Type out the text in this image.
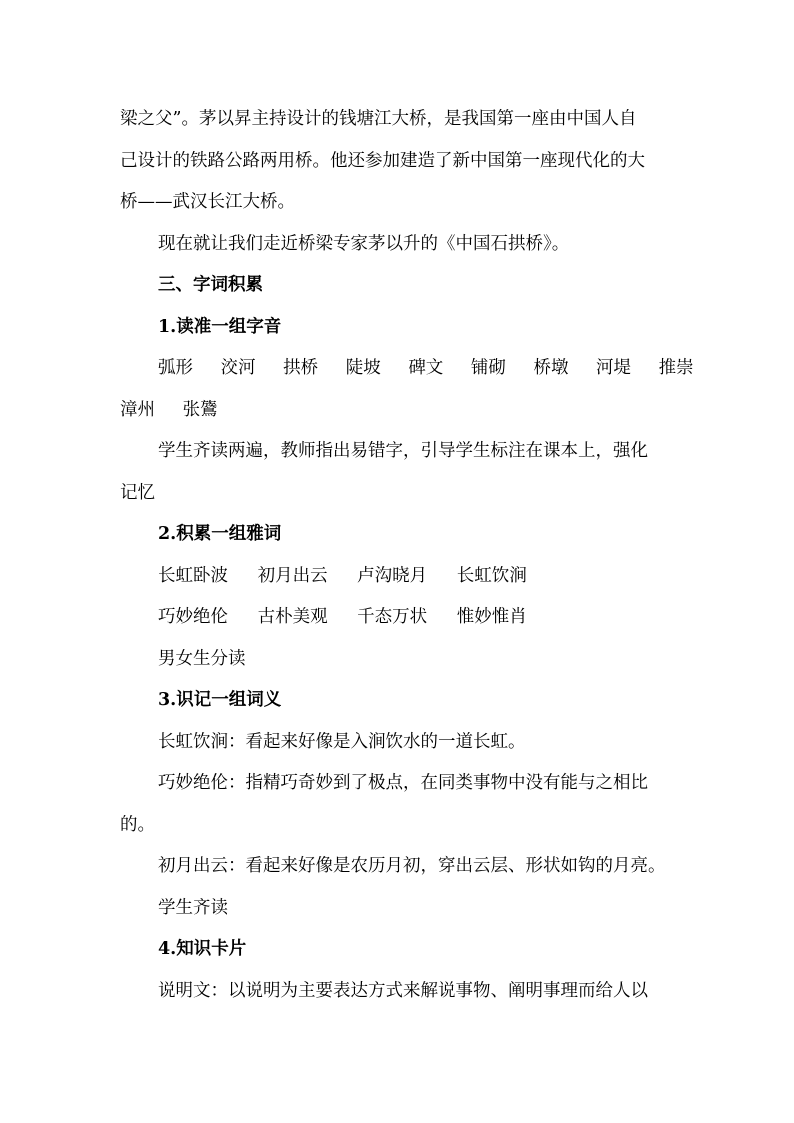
梁之父”。茅以昇主持设计的钱塘江大桥，是我国第一座由中国人自
己设计的铁路公路两用桥。他还参加建造了新中国第一座现代化的大
桥——武汉长江大桥。
现在就让我们走近桥梁专家茅以升的《中国石拱桥》。
三、字词积累
1.读准一组字音
弧形 洨河 拱桥 陡坡 碑文 铺砌 桥墩 河堤 推崇
漳州 张鷟
学生齐读两遍，教师指出易错字，引导学生标注在课本上，强化
记忆
2.积累一组雅词
长虹卧波 初月出云 卢沟晓月 长虹饮涧
巧妙绝伦 古朴美观 千态万状 惟妙惟肖
男女生分读
3.识记一组词义
长虹饮涧：看起来好像是入涧饮水的一道长虹。
巧妙绝伦：指精巧奇妙到了极点，在同类事物中没有能与之相比
的。
初月出云：看起来好像是农历月初，穿出云层、形状如钩的月亮。
学生齐读
4.知识卡片
说明文：以说明为主要表达方式来解说事物、阐明事理而给人以
